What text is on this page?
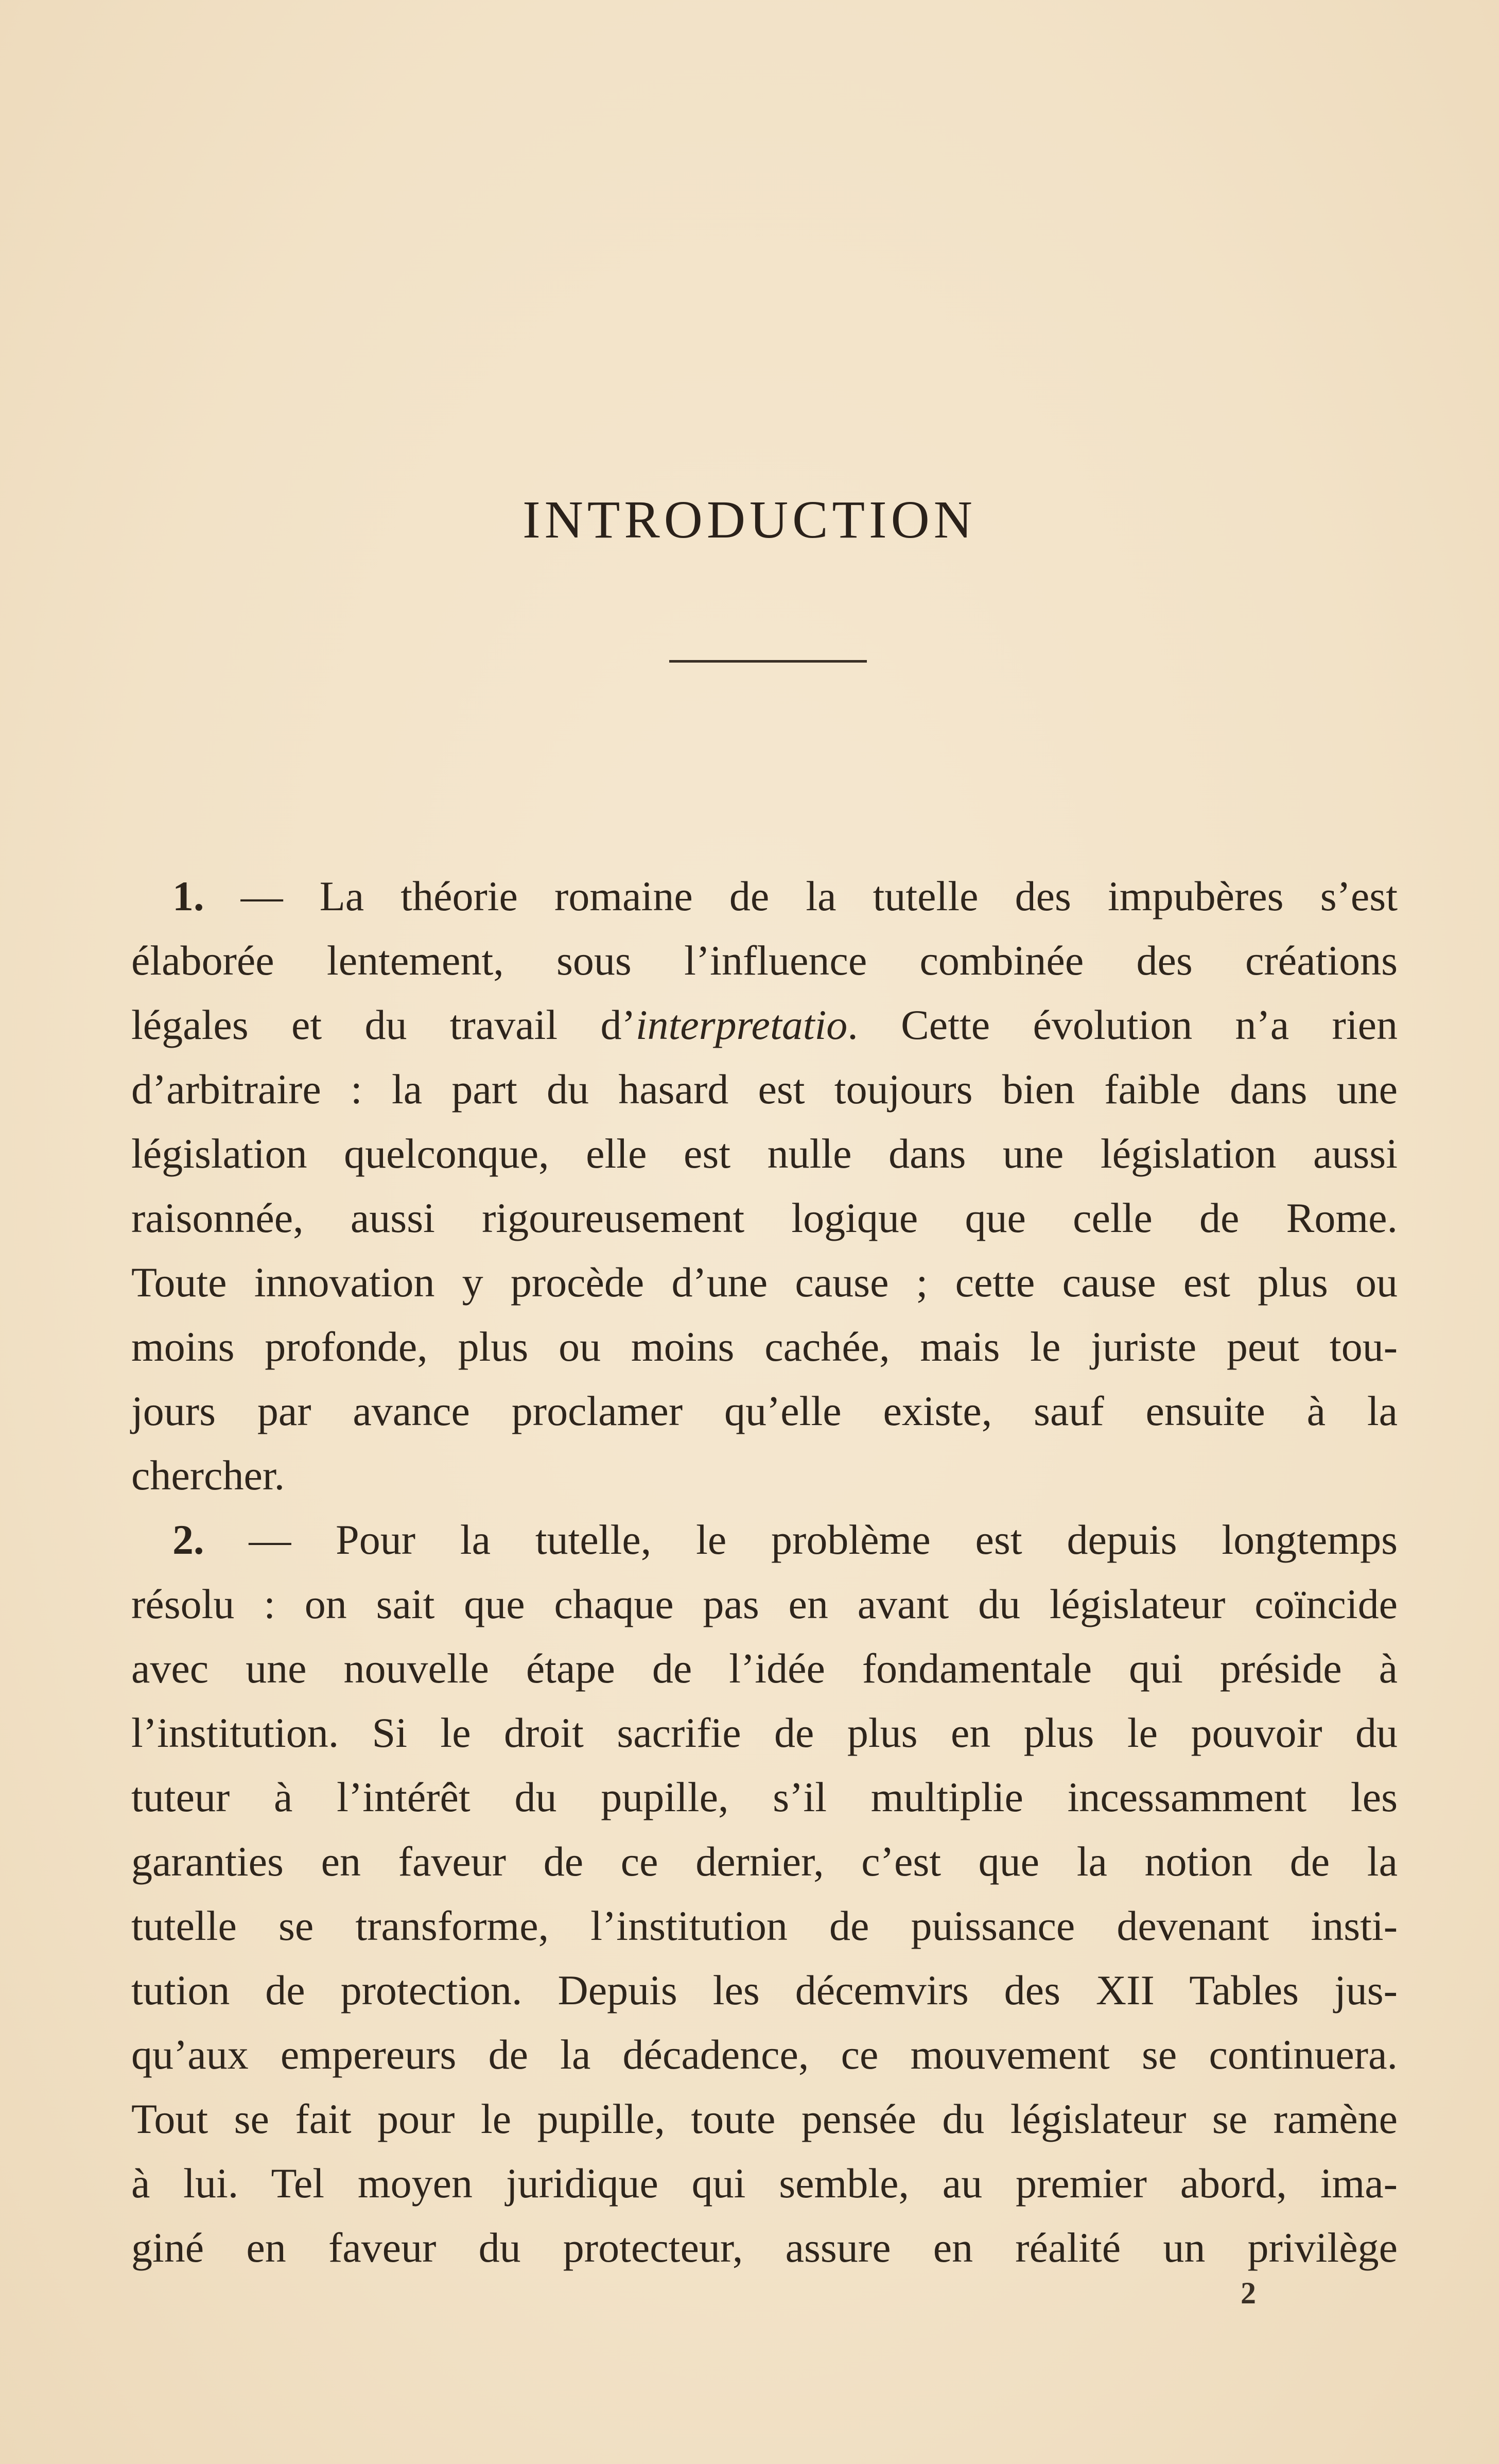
INTRODUCTION
1. — La théorie romaine de la tutelle des impubères s’est
élaborée lentement, sous l’influence combinée des créations
légales et du travail d’interpretatio. Cette évolution n’a rien
d’arbitraire : la part du hasard est toujours bien faible dans une
législation quelconque, elle est nulle dans une législation aussi
raisonnée, aussi rigoureusement logique que celle de Rome.
Toute innovation y procède d’une cause ; cette cause est plus ou
moins profonde, plus ou moins cachée, mais le juriste peut tou-
jours par avance proclamer qu’elle existe, sauf ensuite à la
chercher.
2. — Pour la tutelle, le problème est depuis longtemps
résolu : on sait que chaque pas en avant du législateur coïncide
avec une nouvelle étape de l’idée fondamentale qui préside à
l’institution. Si le droit sacrifie de plus en plus le pouvoir du
tuteur à l’intérêt du pupille, s’il multiplie incessamment les
garanties en faveur de ce dernier, c’est que la notion de la
tutelle se transforme, l’institution de puissance devenant insti-
tution de protection. Depuis les décemvirs des XII Tables jus-
qu’aux empereurs de la décadence, ce mouvement se continuera.
Tout se fait pour le pupille, toute pensée du législateur se ramène
à lui. Tel moyen juridique qui semble, au premier abord, ima-
giné en faveur du protecteur, assure en réalité un privilège
2
